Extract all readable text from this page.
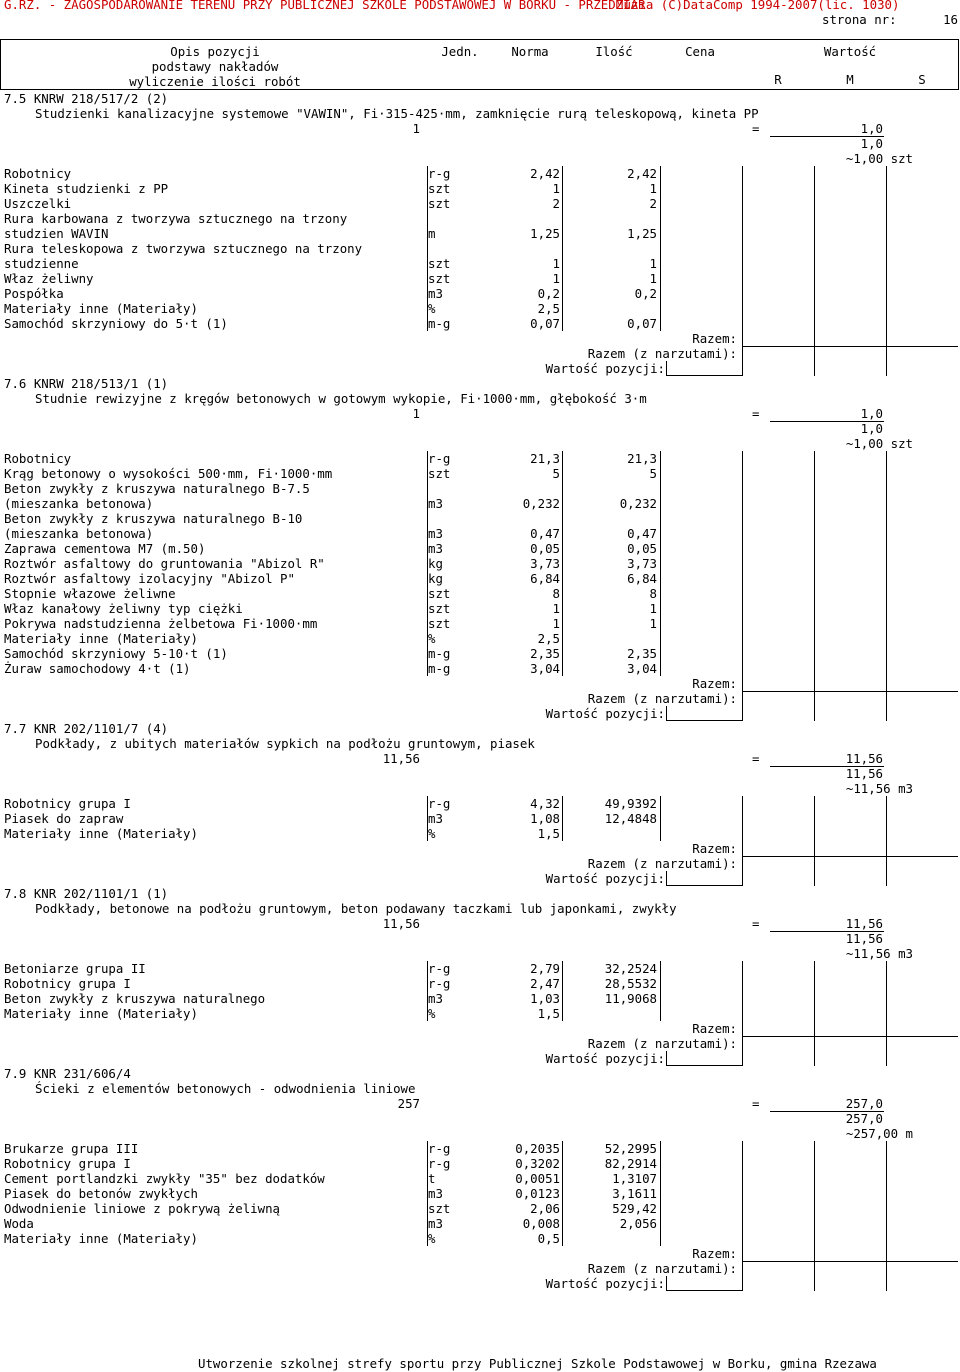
G.RZ. - ZAGOSPODAROWANIE TERENU PRZY PUBLICZNEJ SZKOLE PODSTAWOWEJ W BORKU - PRZEDMIAR
Zuzia (C)DataComp 1994-2007(lic. 1030)
strona nr:	16
Opis pozycji
podstawy nakładów
wyliczenie ilości robót
Jedn.	Norma	Ilość	Cena	Wartość
R	M	S
7.5 KNRW 218/517/2 (2)
Studzienki kanalizacyjne systemowe "VAWIN", Fi·315-425·mm, zamknięcie rurą teleskopową, kineta PP
1	=	1,0
1,0
~1,00 szt
Robotnicy	r-g	2,42	2,42
Kineta studzienki z PP	szt	1	1
Uszczelki	szt	2	2
Rura karbowana z tworzywa sztucznego na trzony
studzien WAVIN	m	1,25	1,25
Rura teleskopowa z tworzywa sztucznego na trzony
studzienne	szt	1	1
Właz żeliwny	szt	1	1
Pospółka	m3	0,2	0,2
Materiały inne (Materiały)	%	2,5
Samochód skrzyniowy do 5·t (1)	m-g	0,07	0,07
Razem:
Razem (z narzutami):
Wartość pozycji:
7.6 KNRW 218/513/1 (1)
Studnie rewizyjne z kręgów betonowych w gotowym wykopie, Fi·1000·mm, głębokość 3·m
1	=	1,0
1,0
~1,00 szt
Robotnicy	r-g	21,3	21,3
Krąg betonowy o wysokości 500·mm, Fi·1000·mm	szt	5	5
Beton zwykły z kruszywa naturalnego B-7.5
(mieszanka betonowa)	m3	0,232	0,232
Beton zwykły z kruszywa naturalnego B-10
(mieszanka betonowa)	m3	0,47	0,47
Zaprawa cementowa M7 (m.50)	m3	0,05	0,05
Roztwór asfaltowy do gruntowania "Abizol R"	kg	3,73	3,73
Roztwór asfaltowy izolacyjny "Abizol P"	kg	6,84	6,84
Stopnie włazowe żeliwne	szt	8	8
Właz kanałowy żeliwny typ ciężki	szt	1	1
Pokrywa nadstudzienna żelbetowa Fi·1000·mm	szt	1	1
Materiały inne (Materiały)	%	2,5
Samochód skrzyniowy 5-10·t (1)	m-g	2,35	2,35
Żuraw samochodowy 4·t (1)	m-g	3,04	3,04
Razem:
Razem (z narzutami):
Wartość pozycji:
7.7 KNR 202/1101/7 (4)
Podkłady, z ubitych materiałów sypkich na podłożu gruntowym, piasek
11,56	=	11,56
11,56
~11,56 m3
Robotnicy grupa I	r-g	4,32	49,9392
Piasek do zapraw	m3	1,08	12,4848
Materiały inne (Materiały)	%	1,5
Razem:
Razem (z narzutami):
Wartość pozycji:
7.8 KNR 202/1101/1 (1)
Podkłady, betonowe na podłożu gruntowym, beton podawany taczkami lub japonkami, zwykły
11,56	=	11,56
11,56
~11,56 m3
Betoniarze grupa II	r-g	2,79	32,2524
Robotnicy grupa I	r-g	2,47	28,5532
Beton zwykły z kruszywa naturalnego	m3	1,03	11,9068
Materiały inne (Materiały)	%	1,5
Razem:
Razem (z narzutami):
Wartość pozycji:
7.9 KNR 231/606/4
Ścieki z elementów betonowych - odwodnienia liniowe
257	=	257,0
257,0
~257,00 m
Brukarze grupa III	r-g	0,2035	52,2995
Robotnicy grupa I	r-g	0,3202	82,2914
Cement portlandzki zwykły "35" bez dodatków	t	0,0051	1,3107
Piasek do betonów zwykłych	m3	0,0123	3,1611
Odwodnienie liniowe z pokrywą żeliwną	szt	2,06	529,42
Woda	m3	0,008	2,056
Materiały inne (Materiały)	%	0,5
Razem:
Razem (z narzutami):
Wartość pozycji:
Utworzenie szkolnej strefy sportu przy Publicznej Szkole Podstawowej w Borku, gmina Rzezawa
